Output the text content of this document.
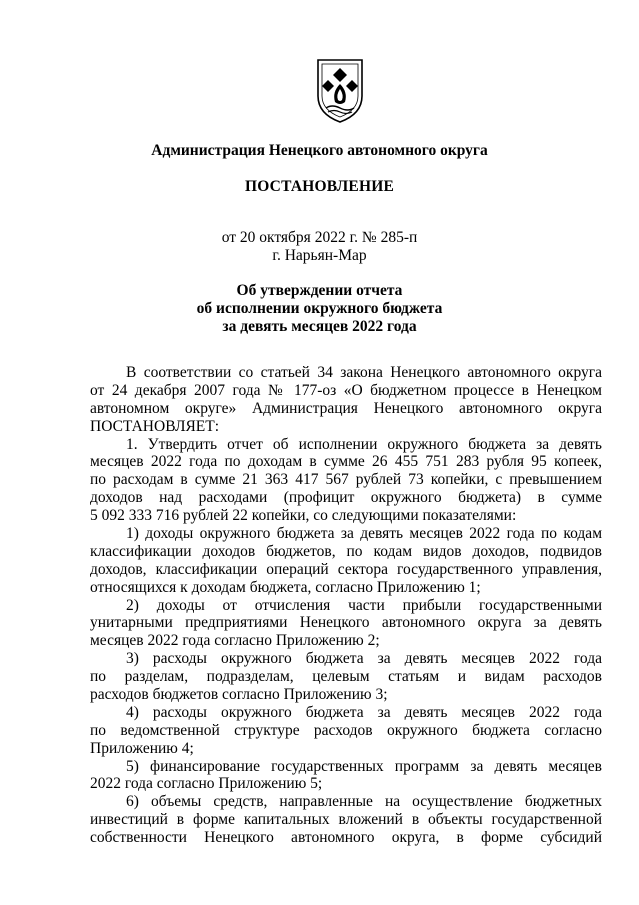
Администрация Ненецкого автономного округа
ПОСТАНОВЛЕНИЕ
от 20 октября 2022 г. № 285-п
г. Нарьян-Мар
Об утверждении отчета
об исполнении окружного бюджета
за девять месяцев 2022 года
В соответствии со статьей 34 закона Ненецкого автономного округа
от 24 декабря 2007 года № 177-оз «О бюджетном процессе в Ненецком
автономном округе» Администрация Ненецкого автономного округа
ПОСТАНОВЛЯЕТ:
1. Утвердить отчет об исполнении окружного бюджета за девять
месяцев 2022 года по доходам в сумме 26 455 751 283 рубля 95 копеек,
по расходам в сумме 21 363 417 567 рублей 73 копейки, с превышением
доходов над расходами (профицит окружного бюджета) в сумме
5 092 333 716 рублей 22 копейки, со следующими показателями:
1) доходы окружного бюджета за девять месяцев 2022 года по кодам
классификации доходов бюджетов, по кодам видов доходов, подвидов
доходов, классификации операций сектора государственного управления,
относящихся к доходам бюджета, согласно Приложению 1;
2) доходы от отчисления части прибыли государственными
унитарными предприятиями Ненецкого автономного округа за девять
месяцев 2022 года согласно Приложению 2;
3) расходы окружного бюджета за девять месяцев 2022 года
по разделам, подразделам, целевым статьям и видам расходов
расходов бюджетов согласно Приложению 3;
4) расходы окружного бюджета за девять месяцев 2022 года
по ведомственной структуре расходов окружного бюджета согласно
Приложению 4;
5) финансирование государственных программ за девять месяцев
2022 года согласно Приложению 5;
6) объемы средств, направленные на осуществление бюджетных
инвестиций в форме капитальных вложений в объекты государственной
собственности Ненецкого автономного округа, в форме субсидий
